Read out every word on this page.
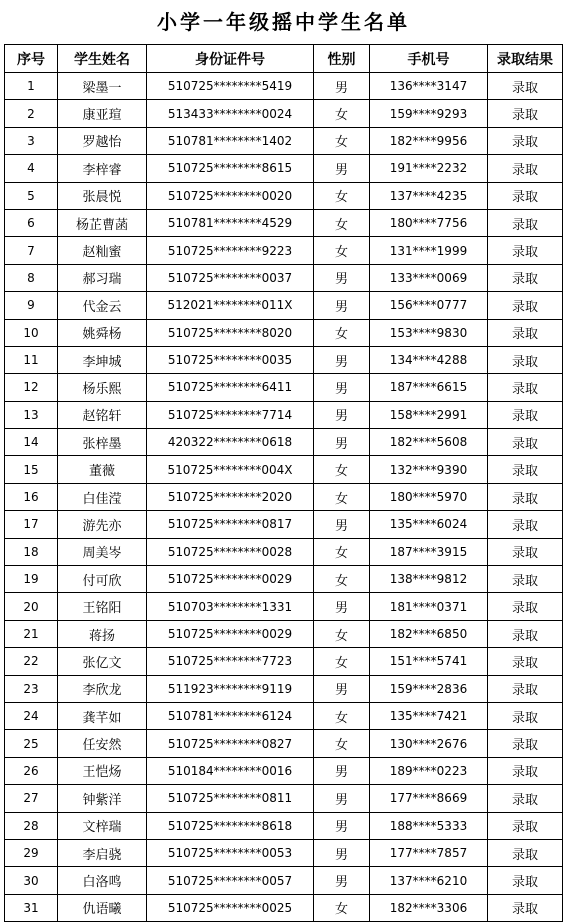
小学一年级摇中学生名单
序号	学生姓名	身份证件号	性别	手机号	录取结果
1	梁墨一	510725********5419	男	136****3147	录取
2	康亚瑄	513433********0024	女	159****9293	录取
3	罗越怡	510781********1402	女	182****9956	录取
4	李梓睿	510725********8615	男	191****2232	录取
5	张晨悦	510725********0020	女	137****4235	录取
6	杨芷曹菡	510781********4529	女	180****7756	录取
7	赵籼蜜	510725********9223	女	131****1999	录取
8	郝习瑞	510725********0037	男	133****0069	录取
9	代金云	512021********011X	男	156****0777	录取
10	姚舜杨	510725********8020	女	153****9830	录取
11	李坤城	510725********0035	男	134****4288	录取
12	杨乐熙	510725********6411	男	187****6615	录取
13	赵铭轩	510725********7714	男	158****2991	录取
14	张梓墨	420322********0618	男	182****5608	录取
15	董薇	510725********004X	女	132****9390	录取
16	白佳滢	510725********2020	女	180****5970	录取
17	游先亦	510725********0817	男	135****6024	录取
18	周美岑	510725********0028	女	187****3915	录取
19	付可欣	510725********0029	女	138****9812	录取
20	王铭阳	510703********1331	男	181****0371	录取
21	蒋扬	510725********0029	女	182****6850	录取
22	张亿文	510725********7723	女	151****5741	录取
23	李欣龙	511923********9119	男	159****2836	录取
24	龚芊如	510781********6124	女	135****7421	录取
25	任安然	510725********0827	女	130****2676	录取
26	王恺炀	510184********0016	男	189****0223	录取
27	钟紫洋	510725********0811	男	177****8669	录取
28	文梓瑞	510725********8618	男	188****5333	录取
29	李启骁	510725********0053	男	177****7857	录取
30	白洛鸣	510725********0057	男	137****6210	录取
31	仇语曦	510725********0025	女	182****3306	录取
